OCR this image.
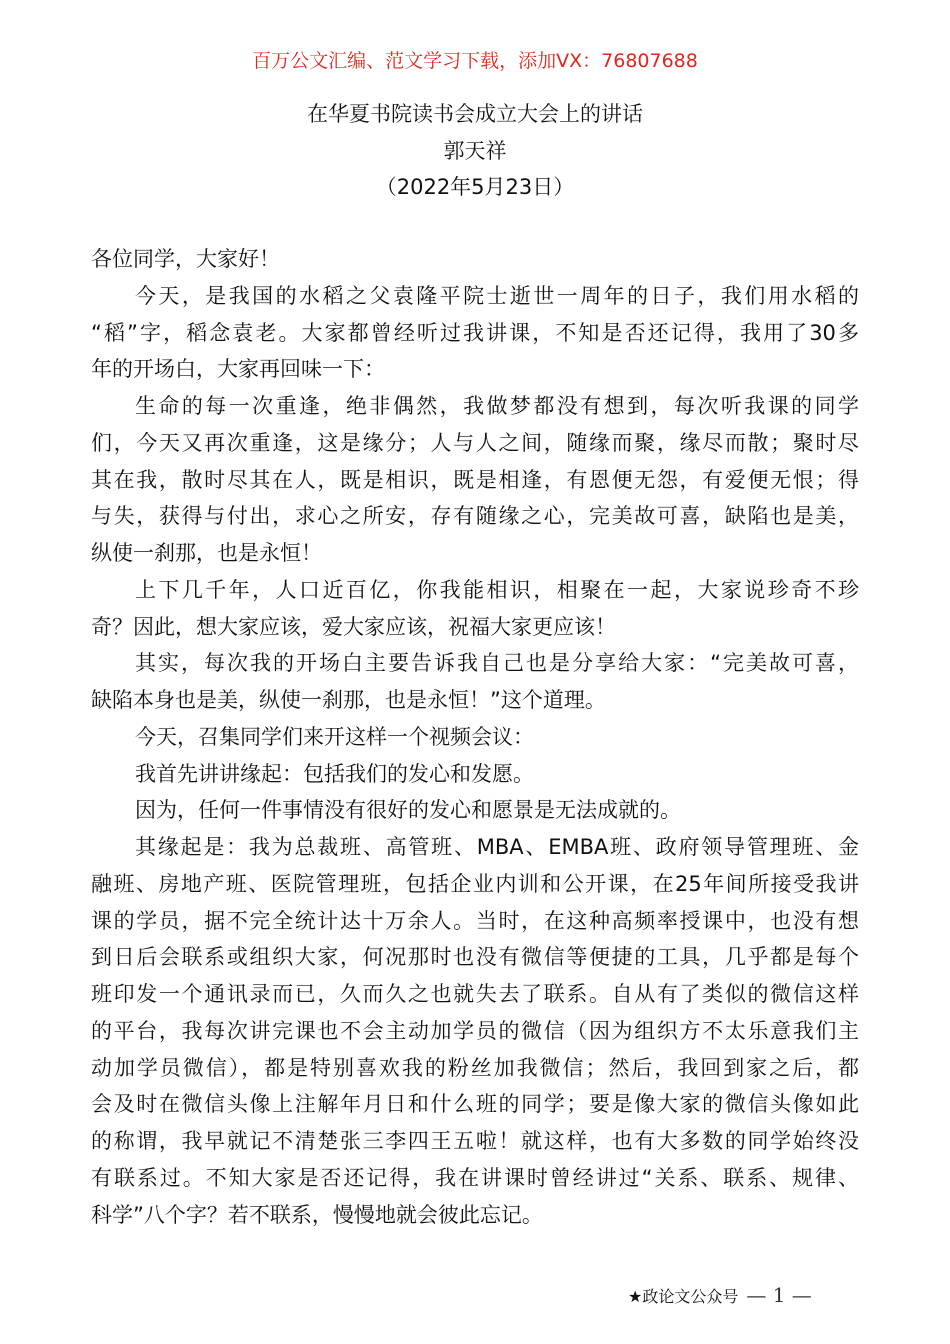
百万公文汇编、范文学习下载，添加VX：76807688
在华夏书院读书会成立大会上的讲话
郭天祥
（2022年5月23日）
各位同学，大家好！
今天，是我国的水稻之父袁隆平院士逝世一周年的日子，我们用水稻的
“稻”字，稻念袁老。大家都曾经听过我讲课，不知是否还记得，我用了30多
年的开场白，大家再回味一下：
生命的每一次重逢，绝非偶然，我做梦都没有想到，每次听我课的同学
们，今天又再次重逢，这是缘分；人与人之间，随缘而聚，缘尽而散；聚时尽
其在我，散时尽其在人，既是相识，既是相逢，有恩便无怨，有爱便无恨；得
与失，获得与付出，求心之所安，存有随缘之心，完美故可喜，缺陷也是美，
纵使一刹那，也是永恒！
上下几千年，人口近百亿，你我能相识，相聚在一起，大家说珍奇不珍
奇？因此，想大家应该，爱大家应该，祝福大家更应该！
其实，每次我的开场白主要告诉我自己也是分享给大家：“完美故可喜，
缺陷本身也是美，纵使一刹那，也是永恒！”这个道理。
今天，召集同学们来开这样一个视频会议：
我首先讲讲缘起：包括我们的发心和发愿。
因为，任何一件事情没有很好的发心和愿景是无法成就的。
其缘起是：我为总裁班、高管班、MBA、EMBA班、政府领导管理班、金
融班、房地产班、医院管理班，包括企业内训和公开课，在25年间所接受我讲
课的学员，据不完全统计达十万余人。当时，在这种高频率授课中，也没有想
到日后会联系或组织大家，何况那时也没有微信等便捷的工具，几乎都是每个
班印发一个通讯录而已，久而久之也就失去了联系。自从有了类似的微信这样
的平台，我每次讲完课也不会主动加学员的微信（因为组织方不太乐意我们主
动加学员微信），都是特别喜欢我的粉丝加我微信；然后，我回到家之后，都
会及时在微信头像上注解年月日和什么班的同学；要是像大家的微信头像如此
的称谓，我早就记不清楚张三李四王五啦！就这样，也有大多数的同学始终没
有联系过。不知大家是否还记得，我在讲课时曾经讲过“关系、联系、规律、
科学”八个字？若不联系，慢慢地就会彼此忘记。
★政论文公众号 — 1 —
